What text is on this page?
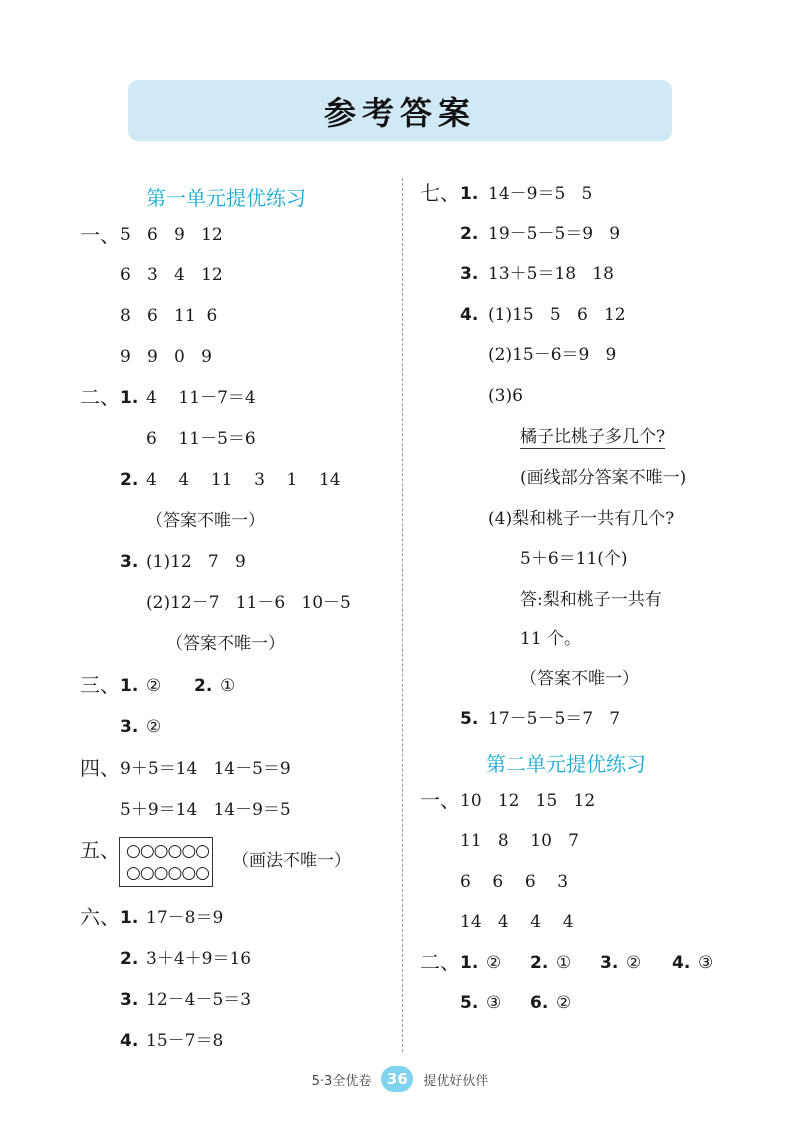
参考答案
第一单元提优练习
一、 5   6   9   12
6   3   4   12
8   6   11  6
9   9   0   9
二、 1. 4    11－7＝4
6    11－5＝6
2. 4    4    11    3    1    14
（答案不唯一）
3. (1)12   7   9
(2)12－7   11－6   10－5
（答案不唯一）
三、 1. ② 2. ①
3. ②
四、 9＋5＝14   14－5＝9
5＋9＝14   14－9＝5
五、 ○○○○○○
○○○○○○
（画法不唯一）
六、 1. 17－8＝9
2. 3＋4＋9＝16
3. 12－4－5＝3
4. 15－7＝8
七、 1. 14－9＝5   5
2. 19－5－5＝9   9
3. 13＋5＝18   18
4. (1)15   5   6   12
(2)15－6＝9   9
(3)6
橘子比桃子多几个?
(画线部分答案不唯一)
(4)梨和桃子一共有几个?
5＋6＝11(个)
答:梨和桃子一共有
11 个。
（答案不唯一）
5. 17－5－5＝7   7
第二单元提优练习
一、 10   12   15   12
11   8    10   7
6    6    6    3
14   4    4    4
二、 1. ② 2. ① 3. ② 4. ③
5. ③ 6. ②
5·3全优卷	36	提优好伙伴
